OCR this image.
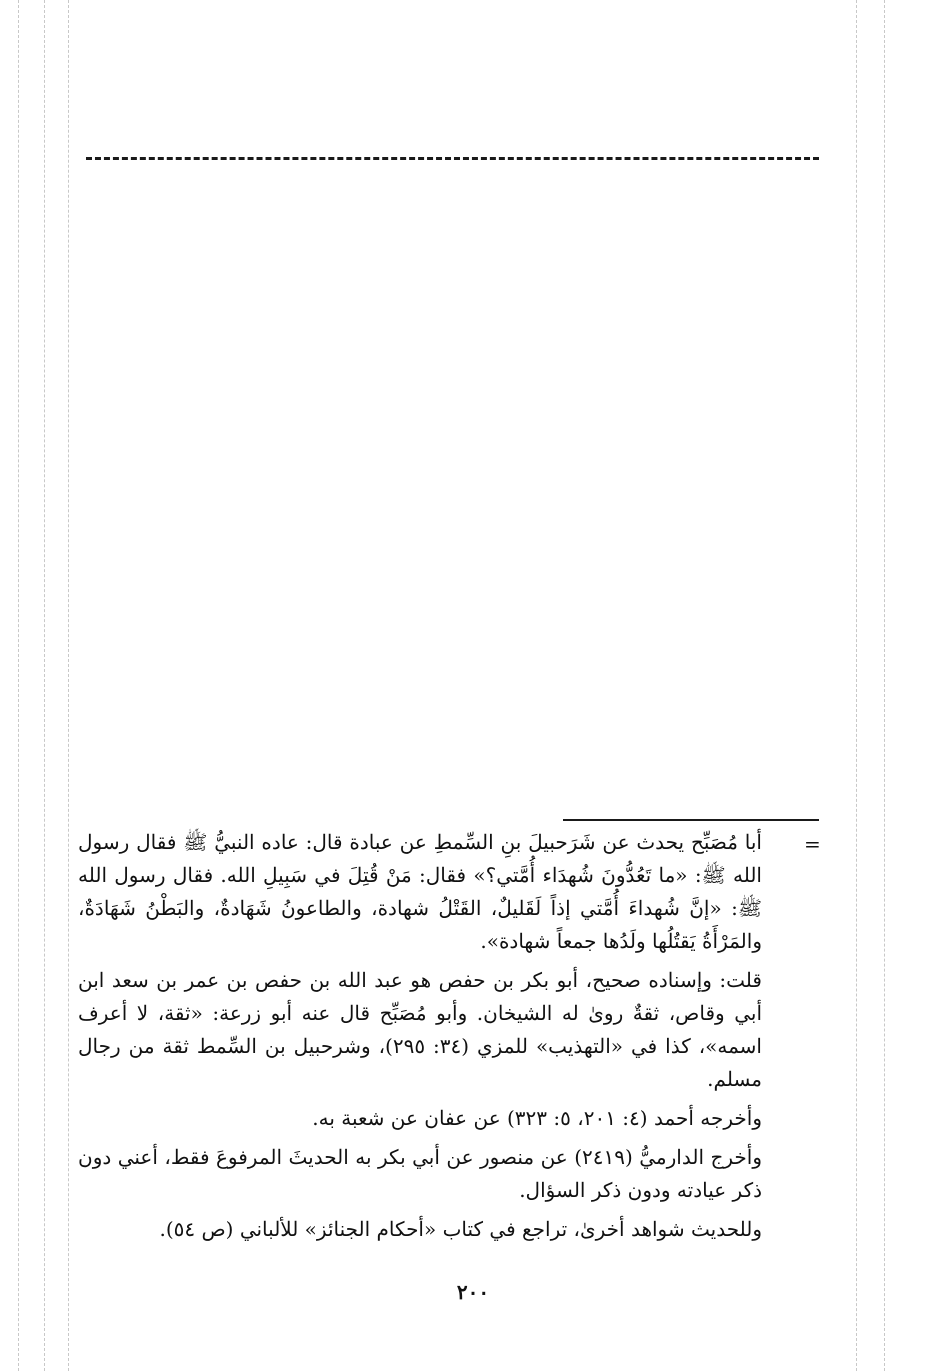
=

أبا مُصَبِّح يحدث عن شَرَحبيلَ بنِ السِّمطِ عن عبادة قال: عاده النبيُّ ﷺ فقال رسول الله ﷺ: «ما تَعُدُّونَ شُهدَاء أُمَّتي؟» فقال: مَنْ قُتِلَ في سَبِيلِ الله. فقال رسول الله ﷺ: «إنَّ شُهداءَ أُمَّتي إذاً لَقَليلٌ، القَتْلُ شهادة، والطاعونُ شَهَادةٌ، والبَطْنُ شَهَادَةٌ، والمَرْأَةُ يَقتُلُها ولَدُها جمعاً شهادة».

قلت: وإسناده صحيح، أبو بكر بن حفص هو عبد الله بن حفص بن عمر بن سعد ابن أبي وقاص، ثقةٌ روىٰ له الشيخان. وأبو مُصَبِّح قال عنه أبو زرعة: «ثقة، لا أعرف اسمه»، كذا في «التهذيب» للمزي (٣٤: ٢٩٥)، وشرحبيل بن السِّمط ثقة من رجال مسلم.

وأخرجه أحمد (٤: ٢٠١، ٥: ٣٢٣) عن عفان عن شعبة به.

وأخرج الدارميُّ (٢٤١٩) عن منصور عن أبي بكر به الحديثَ المرفوعَ فقط، أعني دون ذكر عيادته ودون ذكر السؤال.

وللحديث شواهد أخرىٰ، تراجع في كتاب «أحكام الجنائز» للألباني (ص ٥٤).

٢٠٠
